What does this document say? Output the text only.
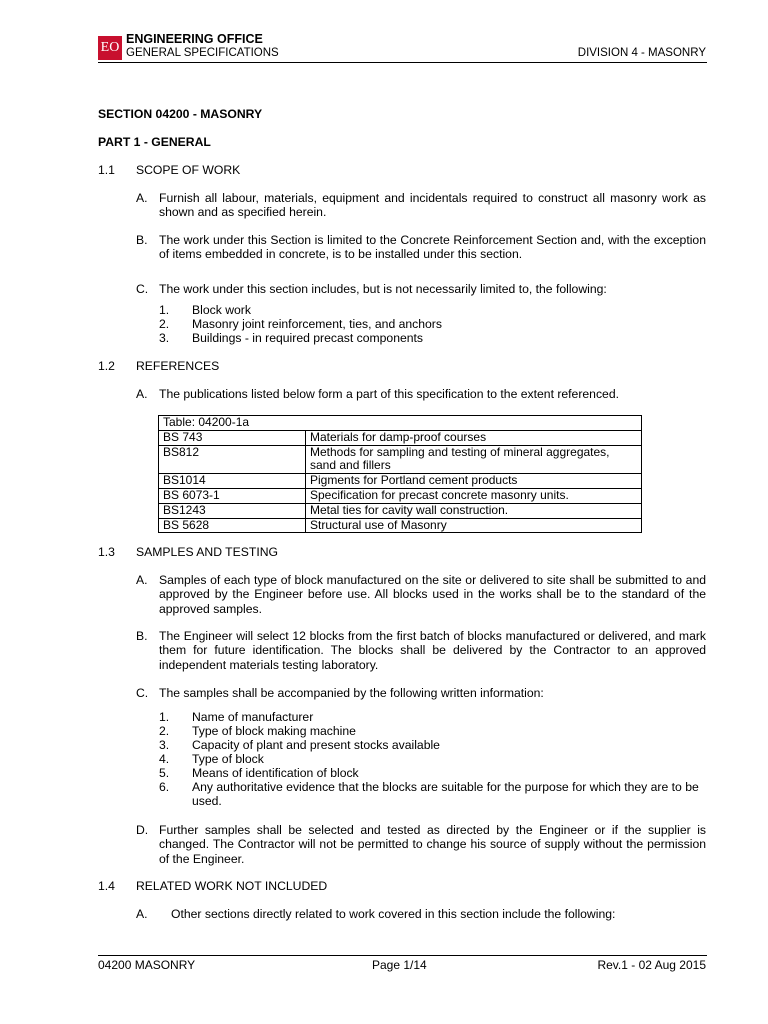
EO
ENGINEERING OFFICE
GENERAL SPECIFICATIONS	DIVISION 4 - MASONRY
SECTION 04200 - MASONRY
PART 1 - GENERAL
1.1 SCOPE OF WORK
A. Furnish all labour, materials, equipment and incidentals required to construct all masonry work as shown and as specified herein.
B. The work under this Section is limited to the Concrete Reinforcement Section and, with the exception of items embedded in concrete, is to be installed under this section.
C. The work under this section includes, but is not necessarily limited to, the following:
1. Block work
2. Masonry joint reinforcement, ties, and anchors
3. Buildings - in required precast components
1.2 REFERENCES
A. The publications listed below form a part of this specification to the extent referenced.
Table: 04200-1a	
BS 743	Materials for damp-proof courses
BS812	Methods for sampling and testing of mineral aggregates, sand and fillers
BS1014	Pigments for Portland cement products
BS 6073-1	Specification for precast concrete masonry units.
BS1243	Metal ties for cavity wall construction.
BS 5628	Structural use of Masonry
1.3 SAMPLES AND TESTING
A. Samples of each type of block manufactured on the site or delivered to site shall be submitted to and approved by the Engineer before use. All blocks used in the works shall be to the standard of the approved samples.
B. The Engineer will select 12 blocks from the first batch of blocks manufactured or delivered, and mark them for future identification. The blocks shall be delivered by the Contractor to an approved independent materials testing laboratory.
C. The samples shall be accompanied by the following written information:
1. Name of manufacturer
2. Type of block making machine
3. Capacity of plant and present stocks available
4. Type of block
5. Means of identification of block
6. Any authoritative evidence that the blocks are suitable for the purpose for which they are to be used.
D. Further samples shall be selected and tested as directed by the Engineer or if the supplier is changed. The Contractor will not be permitted to change his source of supply without the permission of the Engineer.
1.4 RELATED WORK NOT INCLUDED
A. Other sections directly related to work covered in this section include the following:
04200 MASONRY	Page 1/14	Rev.1 - 02 Aug 2015
